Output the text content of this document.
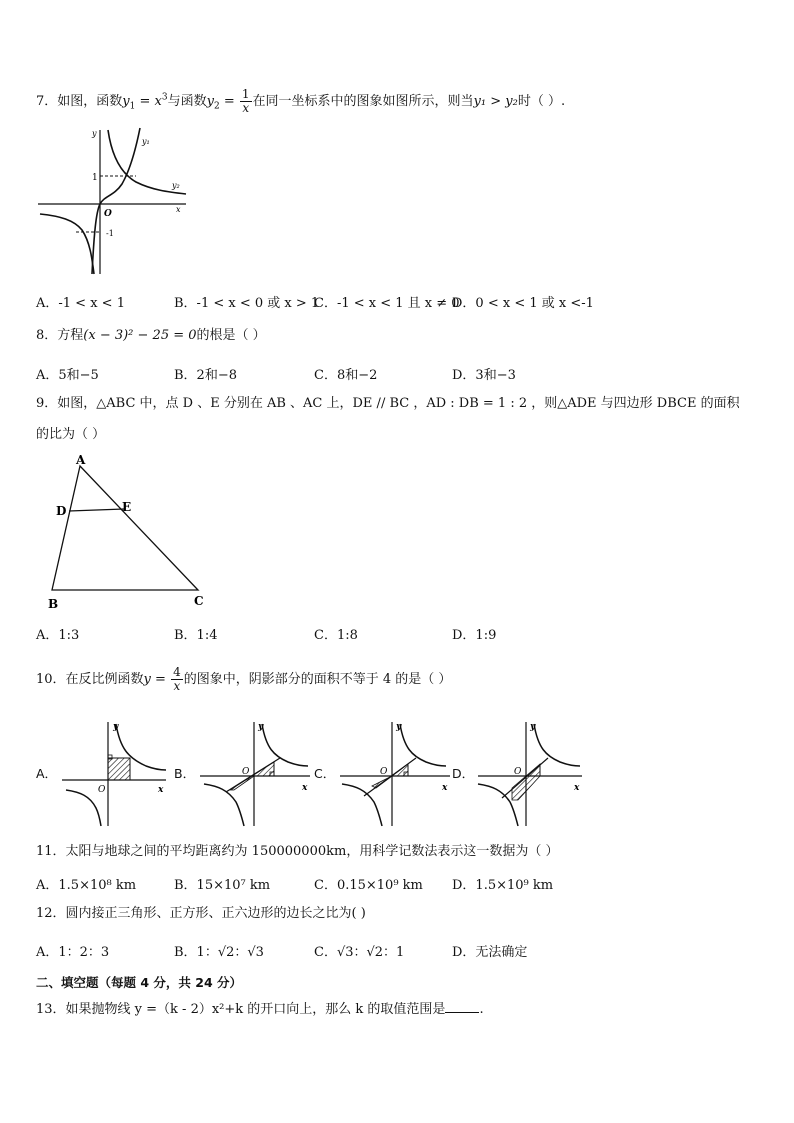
7．如图，函数$y_1 = x^3$与函数$y_2 = \frac{1}{x}$ 在同一坐标系中的图象如图所示，则当y₁ > y₂时（ ）.
y
x
O
1
-1
y₁
y₂
A．-1 < x < 1	B．-1 < x < 0 或 x > 1
C．-1 < x < 1 且 x ≠ 0
D．0 < x < 1 或 x <-1
8．方程(x − 3)² − 25 = 0的根是（ ）
A．5和−5	B．2和−8	C．8和−2	D．3和−3
9．如图，△ABC 中，点 D 、E 分别在 AB 、AC 上，DE // BC ，AD : DB = 1 : 2 ，则△ADE 与四边形 DBCE 的面积
的比为（ ）
A
B	C
D	E
A．1:3	B．1:4	C．1:8	D．1:9
10．在反比例函数$y = \frac{4}{x}$ 的图象中，阴影部分的面积不等于 4 的是（ ）
A．
y
x
O
B．
y
x
O	C．
y
x
O	D．
y
x
O
11．太阳与地球之间的平均距离约为 150000000km，用科学记数法表示这一数据为（ ）
A．1.5×10⁸ km	B．15×10⁷ km	C．0.15×10⁹ km D．1.5×10⁹ km
12．圆内接正三角形、正方形、正六边形的边长之比为( )
A．1：2：3	B．1：√2：√3	C．√3：√2：1	D．无法确定
二、填空题（每题 4 分，共 24 分）
13．如果抛物线 y =（k - 2）x²+k 的开口向上，那么 k 的取值范围是	.
